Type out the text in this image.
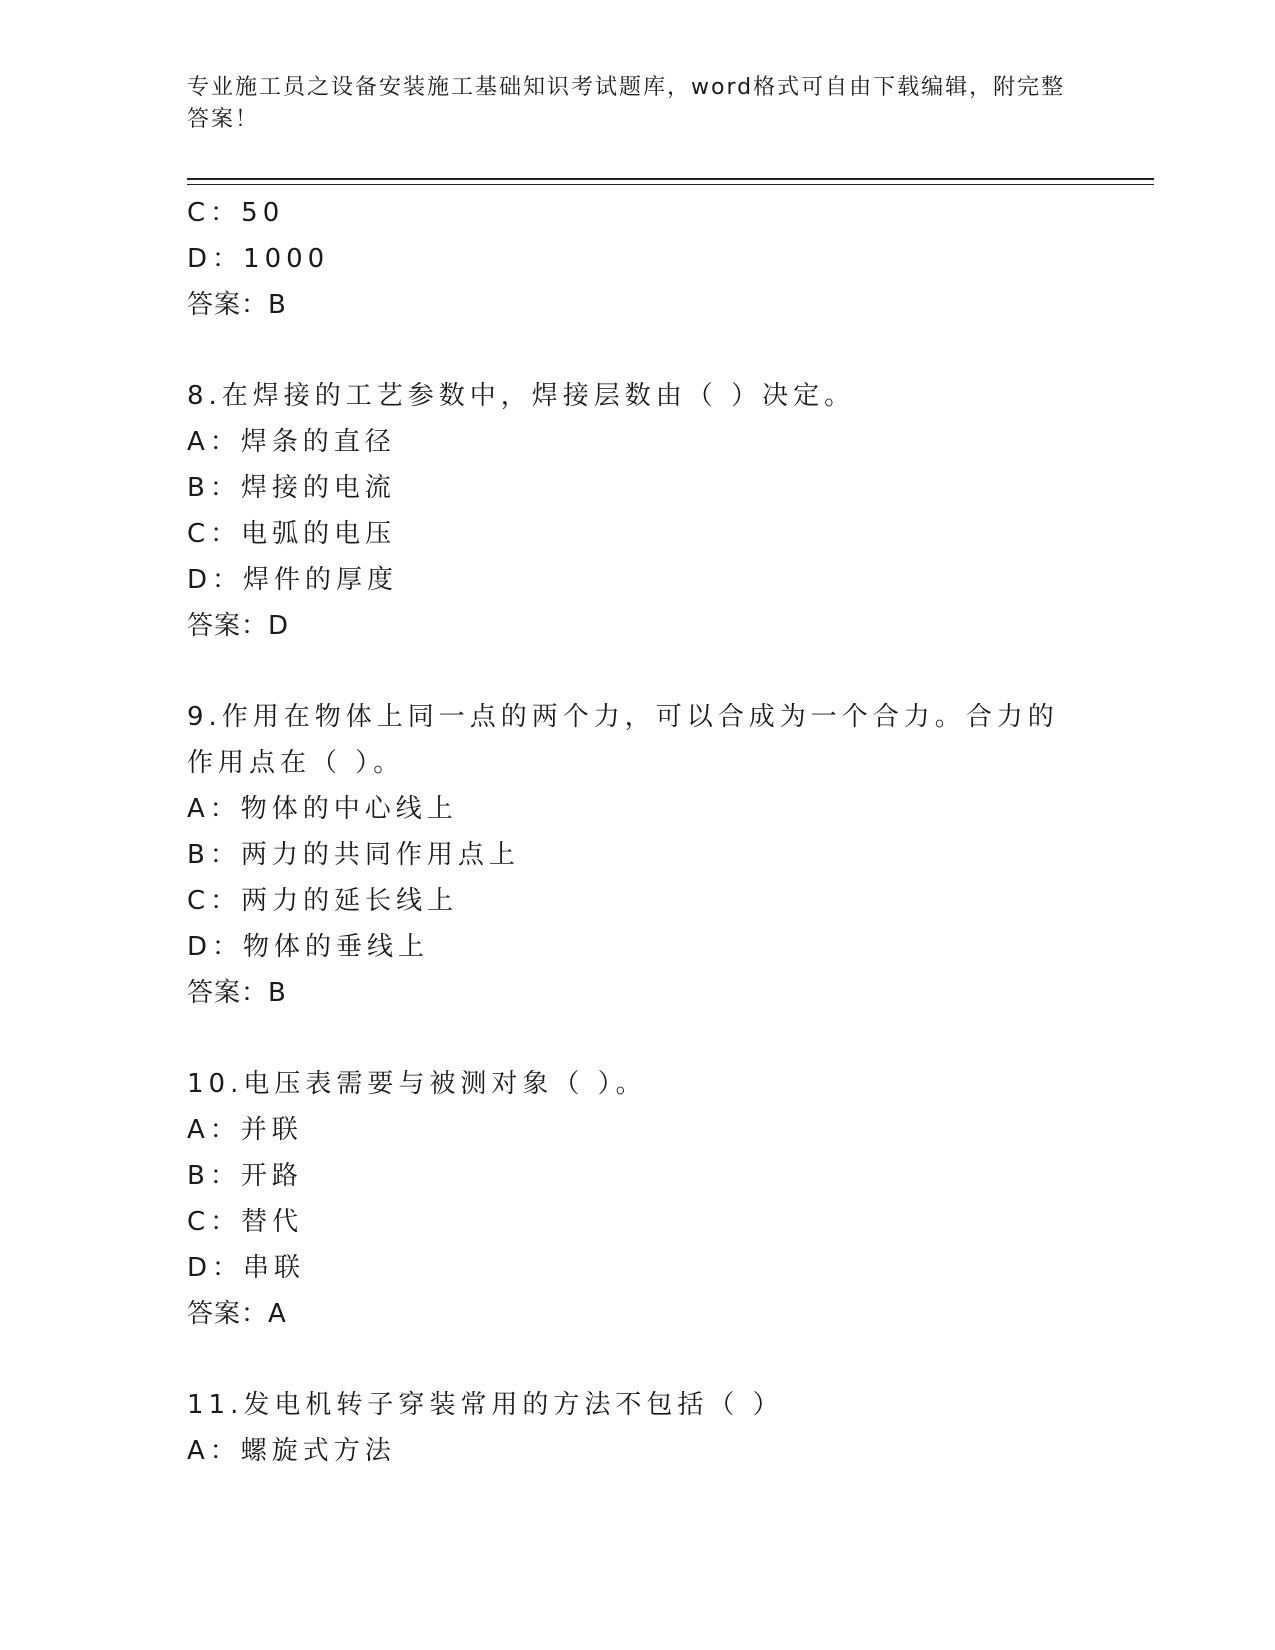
专业施工员之设备安装施工基础知识考试题库，word格式可自由下载编辑，附完整答案！
C：50
D：1000
答案：B
8.在焊接的工艺参数中，焊接层数由（ ）决定。
A：焊条的直径
B：焊接的电流
C：电弧的电压
D：焊件的厚度
答案：D
9.作用在物体上同一点的两个力，可以合成为一个合力。合力的作用点在（ ）。
A：物体的中心线上
B：两力的共同作用点上
C：两力的延长线上
D：物体的垂线上
答案：B
10.电压表需要与被测对象（ ）。
A：并联
B：开路
C：替代
D：串联
答案：A
11.发电机转子穿装常用的方法不包括（ ）
A：螺旋式方法
